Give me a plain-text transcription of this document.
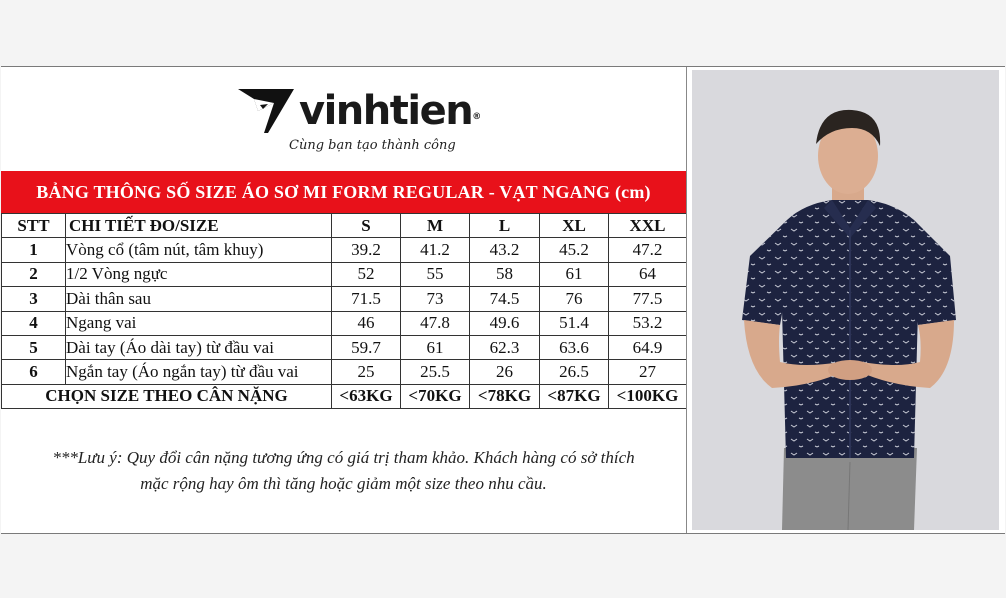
vinhtien®
Cùng bạn tạo thành công
BẢNG THÔNG SỐ SIZE ÁO SƠ MI FORM REGULAR - VẠT NGANG (cm)
STT	CHI TIẾT ĐO/SIZE	S	M	L	XL	XXL
1	Vòng cổ (tâm nút, tâm khuy)	39.2	41.2	43.2	45.2	47.2
2	1/2 Vòng ngực	52	55	58	61	64
3	Dài thân sau	71.5	73	74.5	76	77.5
4	Ngang vai	46	47.8	49.6	51.4	53.2
5	Dài tay (Áo dài tay) từ đầu vai	59.7	61	62.3	63.6	64.9
6	Ngắn tay (Áo ngắn tay) từ đầu vai	25	25.5	26	26.5	27
CHỌN SIZE THEO CÂN NẶNG		<63KG	<70KG	<78KG	<87KG	<100KG
***Lưu ý: Quy đổi cân nặng tương ứng có giá trị tham khảo. Khách hàng có sở thích
mặc rộng hay ôm thì tăng hoặc giảm một size theo nhu cầu.
